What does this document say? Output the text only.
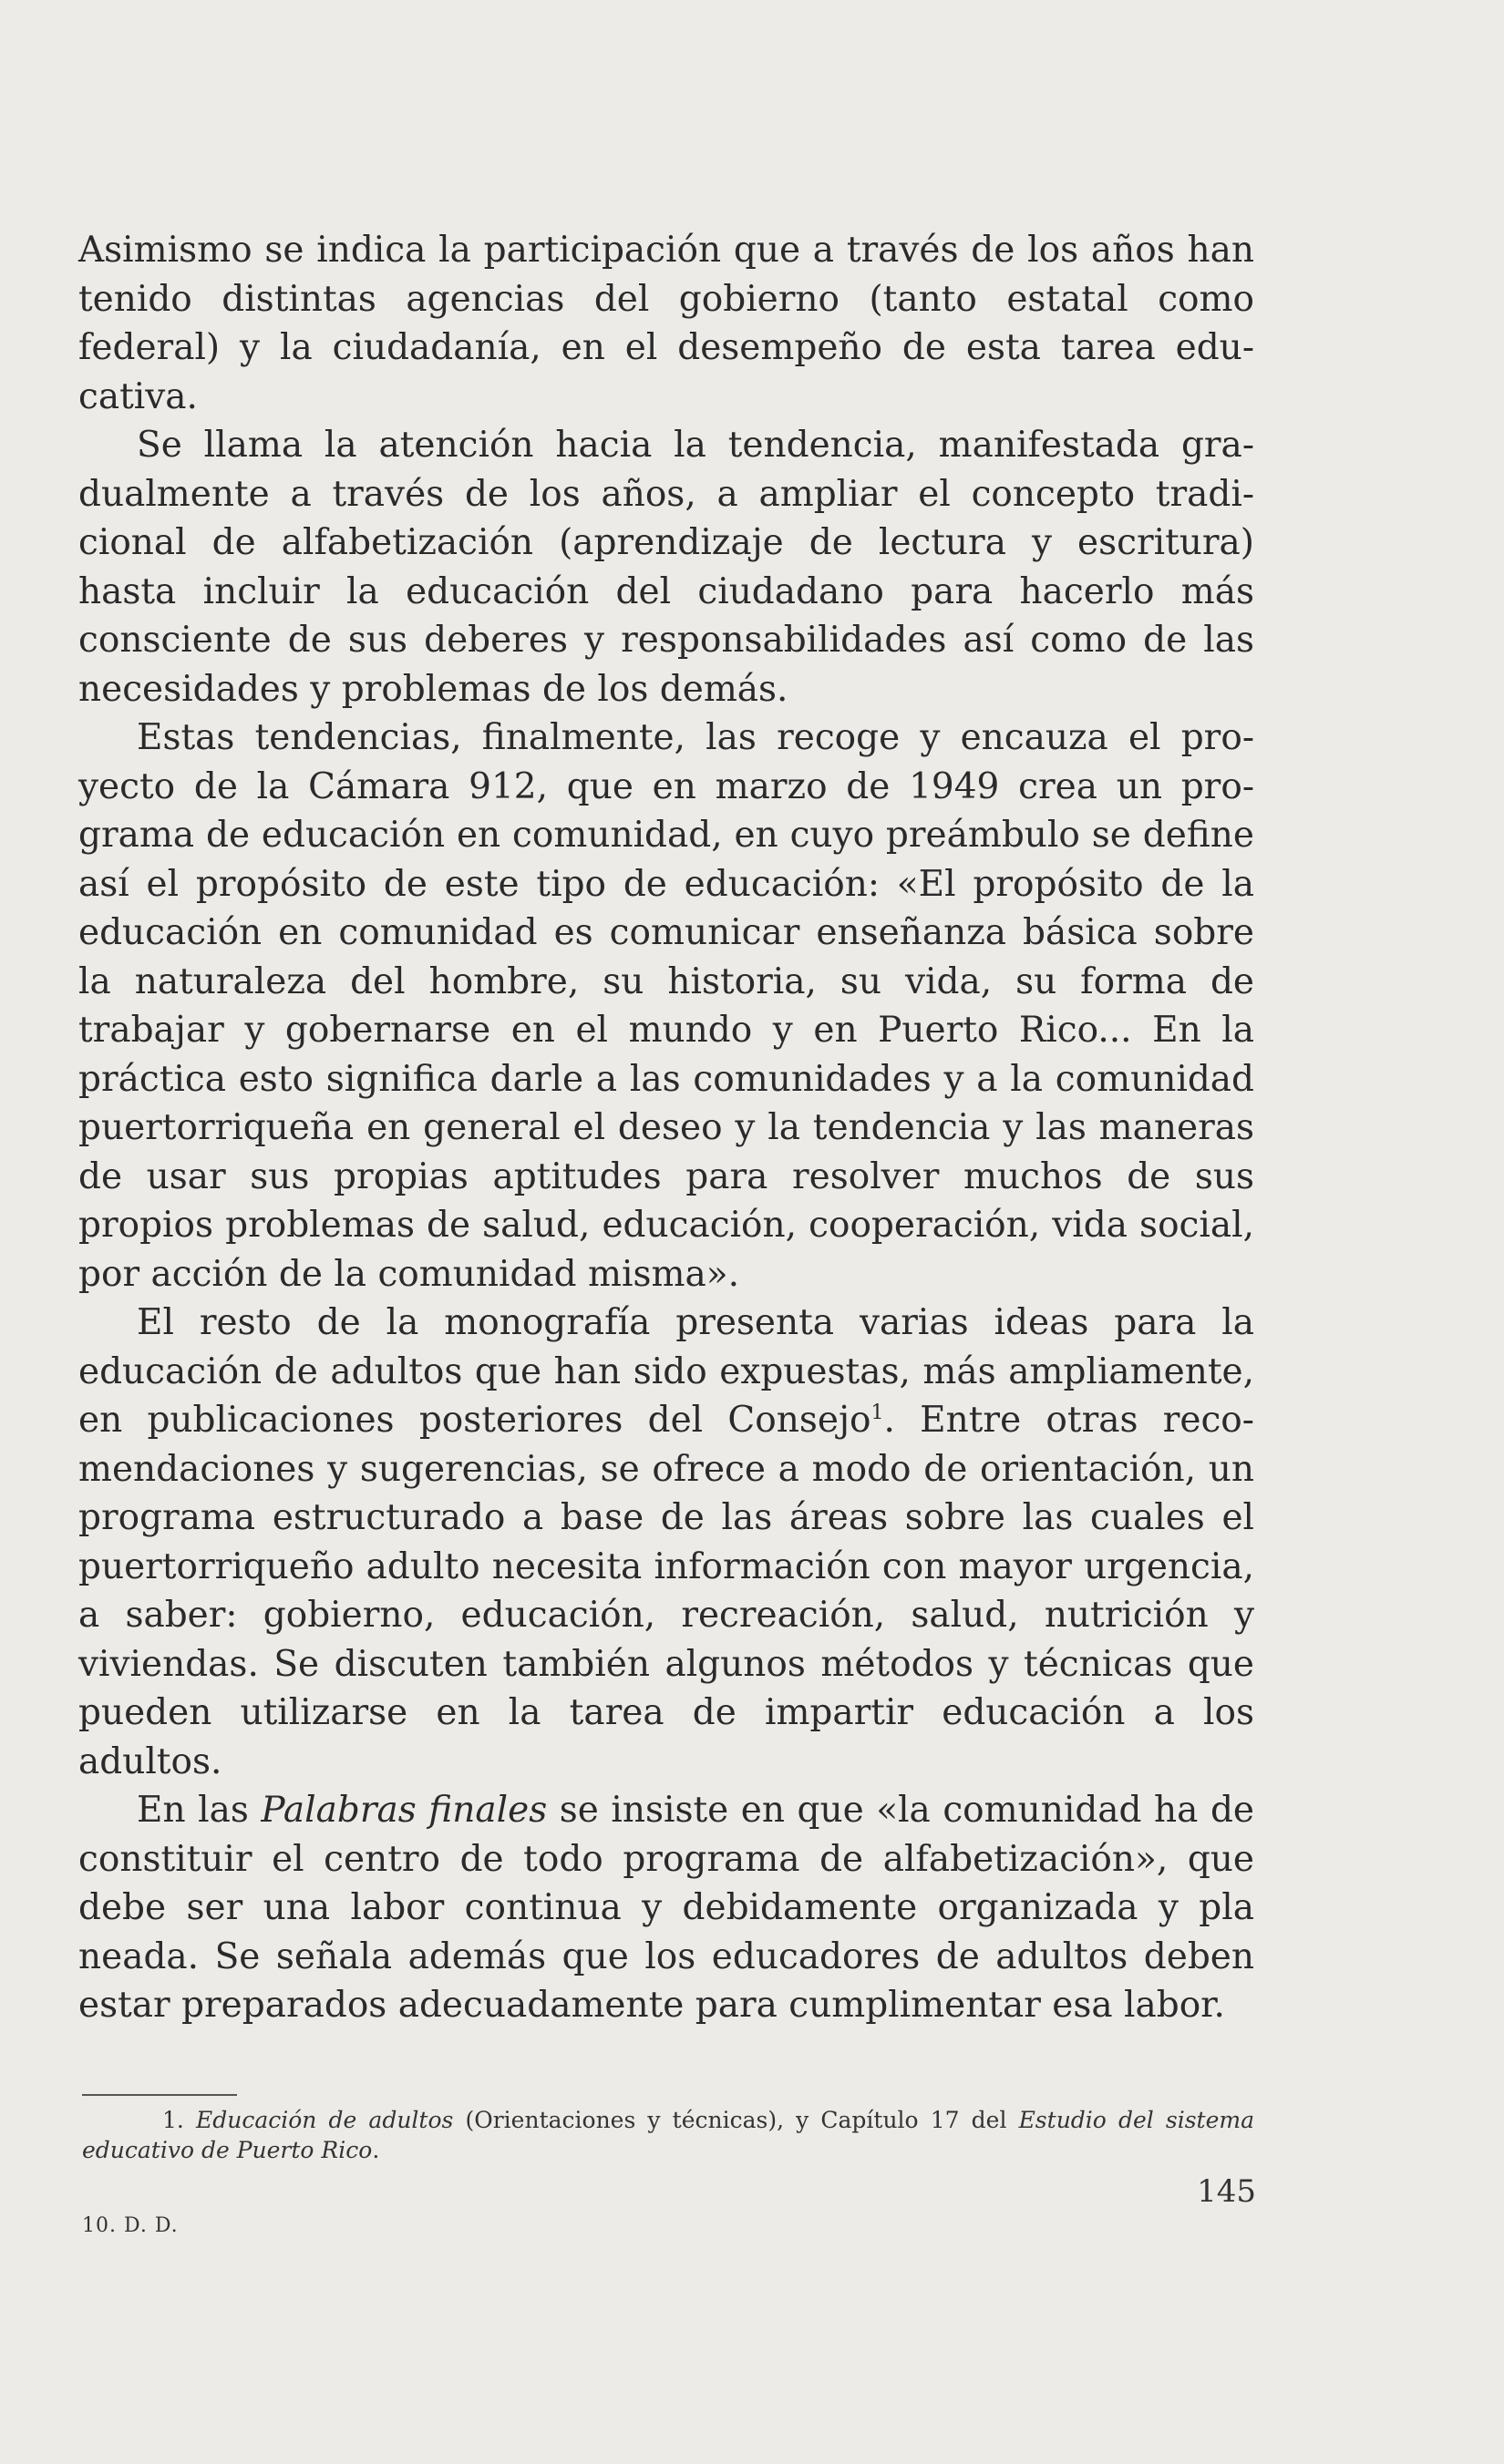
Asimismo se indica la participación que a través de los años han tenido distintas agencias del gobierno (tanto estatal como federal) y la ciudadanía, en el desempeño de esta tarea educativa.

Se llama la atención hacia la tendencia, manifestada gradualmente a través de los años, a ampliar el concepto tradicional de alfabetización (aprendizaje de lectura y escritura) hasta incluir la educación del ciudadano para hacerlo más consciente de sus deberes y responsabilidades así como de las necesidades y problemas de los demás.

Estas tendencias, finalmente, las recoge y encauza el proyecto de la Cámara 912, que en marzo de 1949 crea un programa de educación en comunidad, en cuyo preámbulo se define así el propósito de este tipo de educación: «El propósito de la educación en comunidad es comunicar enseñanza básica sobre la naturaleza del hombre, su historia, su vida, su forma de trabajar y gobernarse en el mundo y en Puerto Rico... En la práctica esto significa darle a las comunidades y a la comunidad puertorriqueña en general el deseo y la tendencia y las maneras de usar sus propias aptitudes para resolver muchos de sus propios problemas de salud, educación, cooperación, vida social, por acción de la comunidad misma».

El resto de la monografía presenta varias ideas para la educación de adultos que han sido expuestas, más ampliamente, en publicaciones posteriores del Consejo$^1$. Entre otras recomendaciones y sugerencias, se ofrece a modo de orientación, un programa estructurado a base de las áreas sobre las cuales el puertorriqueño adulto necesita información con mayor urgencia, a saber: gobierno, educación, recreación, salud, nutrición y viviendas. Se discuten también algunos métodos y técnicas que pueden utilizarse en la tarea de impartir educación a los adultos.

En las Palabras finales se insiste en que «la comunidad ha de constituir el centro de todo programa de alfabetización», que debe ser una labor continua y debidamente organizada y pla neada. Se señala además que los educadores de adultos deben estar preparados adecuadamente para cumplimentar esa labor.

1. Educación de adultos (Orientaciones y técnicas), y Capítulo 17 del Estudio del sistema educativo de Puerto Rico.
145
10. D. D.
